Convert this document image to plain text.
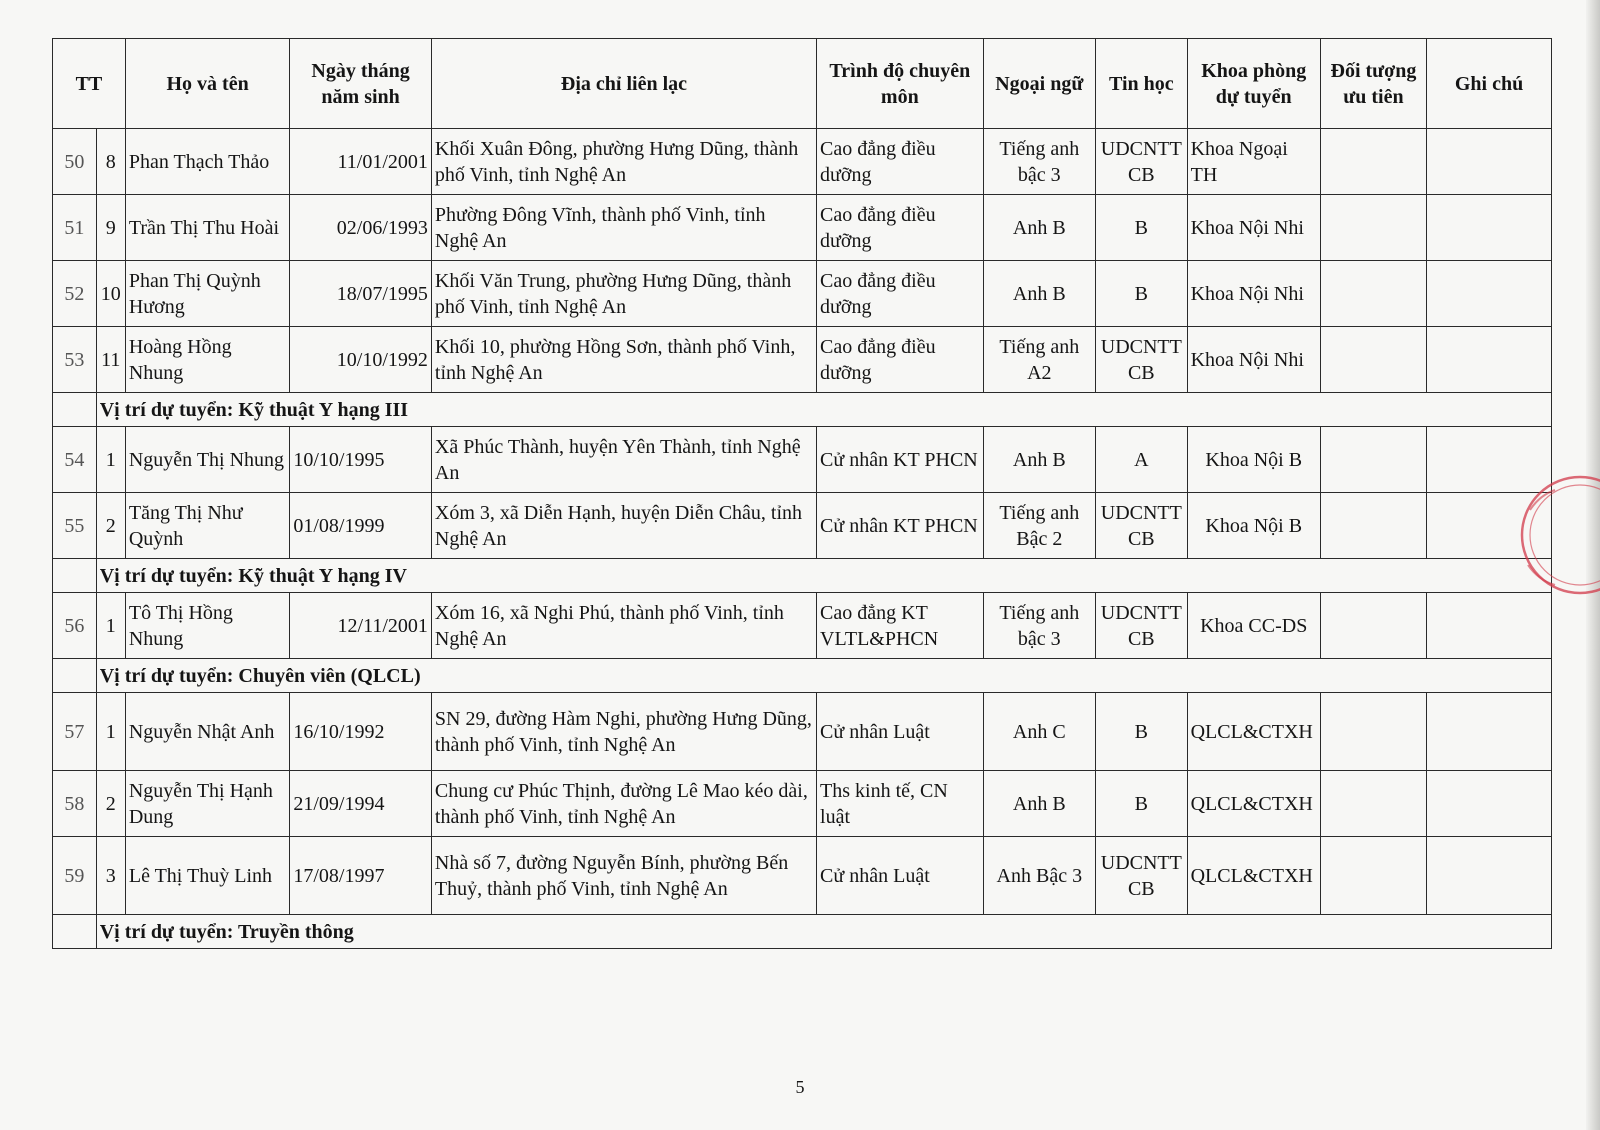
TT		Họ và tên	Ngày tháng năm sinh	Địa chỉ liên lạc	Trình độ chuyên môn	Ngoại ngữ	Tin học	Khoa phòng dự tuyển	Đối tượng ưu tiên	Ghi chú
50	8	Phan Thạch Thảo	11/01/2001	Khối Xuân Đông, phường Hưng Dũng, thành phố Vinh, tỉnh Nghệ An	Cao đẳng điều dưỡng	Tiếng anh bậc 3	UDCNTT CB	Khoa Ngoại TH		
51	9	Trần Thị Thu Hoài	02/06/1993	Phường Đông Vĩnh, thành phố Vinh, tỉnh Nghệ An	Cao đẳng điều dưỡng	Anh B	B	Khoa Nội Nhi		
52	10	Phan Thị Quỳnh Hương	18/07/1995	Khối Văn Trung, phường Hưng Dũng, thành phố Vinh, tỉnh Nghệ An	Cao đẳng điều dưỡng	Anh B	B	Khoa Nội Nhi		
53	11	Hoàng Hồng Nhung	10/10/1992	Khối 10, phường Hồng Sơn, thành phố Vinh, tỉnh Nghệ An	Cao đẳng điều dưỡng	Tiếng anh A2	UDCNTT CB	Khoa Nội Nhi		
	Vị trí dự tuyển: Kỹ thuật Y hạng III									
54	1	Nguyễn Thị Nhung	10/10/1995	Xã Phúc Thành, huyện Yên Thành, tỉnh Nghệ An	Cử nhân KT PHCN	Anh B	A	Khoa Nội B		
55	2	Tăng Thị Như Quỳnh	01/08/1999	Xóm 3, xã Diễn Hạnh, huyện Diễn Châu, tỉnh Nghệ An	Cử nhân KT PHCN	Tiếng anh Bậc 2	UDCNTT CB	Khoa Nội B		
	Vị trí dự tuyển: Kỹ thuật Y hạng IV									
56	1	Tô Thị Hồng Nhung	12/11/2001	Xóm 16, xã Nghi Phú, thành phố Vinh, tỉnh Nghệ An	Cao đẳng KT VLTL&PHCN	Tiếng anh bậc 3	UDCNTT CB	Khoa CC-DS		
	Vị trí dự tuyển: Chuyên viên (QLCL)									
57	1	Nguyễn Nhật Anh	16/10/1992	SN 29, đường Hàm Nghi, phường Hưng Dũng, thành phố Vinh, tỉnh Nghệ An	Cử nhân Luật	Anh C	B	QLCL&CTXH		
58	2	Nguyễn Thị Hạnh Dung	21/09/1994	Chung cư Phúc Thịnh, đường Lê Mao kéo dài, thành phố Vinh, tỉnh Nghệ An	Ths kinh tế, CN luật	Anh B	B	QLCL&CTXH		
59	3	Lê Thị Thuỳ Linh	17/08/1997	Nhà số 7, đường Nguyễn Bính, phường Bến Thuỷ, thành phố Vinh, tỉnh Nghệ An	Cử nhân Luật	Anh Bậc 3	UDCNTT CB	QLCL&CTXH		
	Vị trí dự tuyển: Truyền thông									
5
